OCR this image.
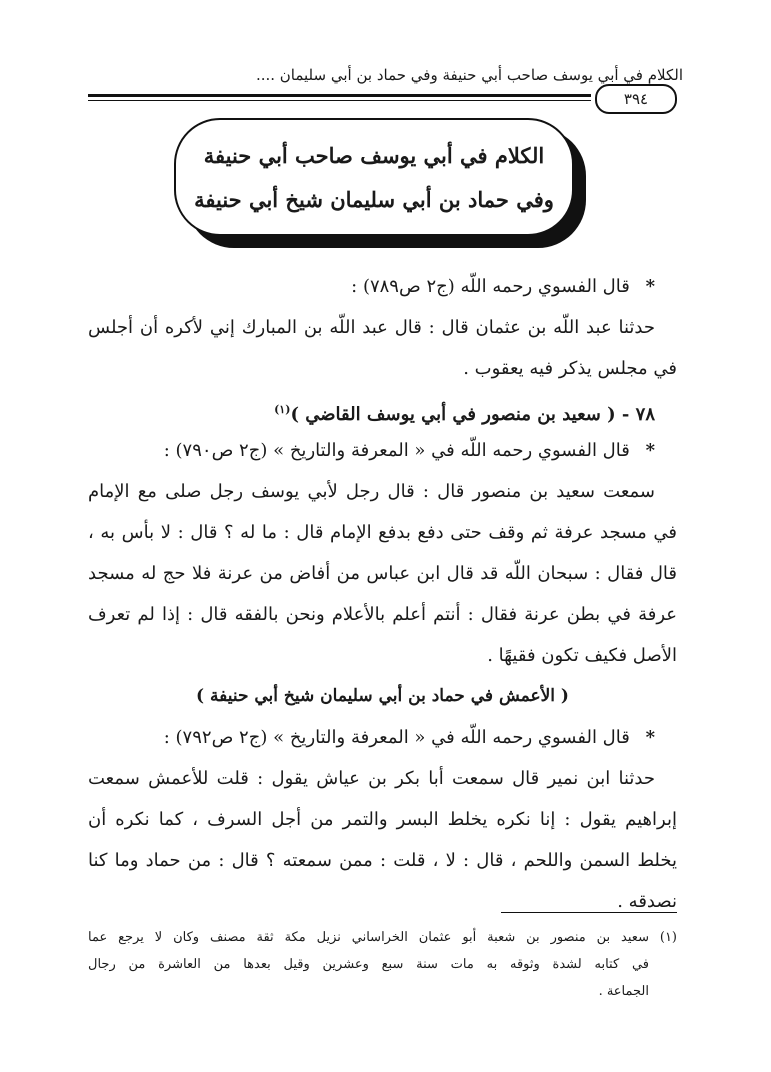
الكلام في أبي يوسف صاحب أبي حنيفة وفي حماد بن أبي سليمان ....
٣٩٤
الكلام في أبي يوسف صاحب أبي حنيفة
وفي حماد بن أبي سليمان شيخ أبي حنيفة
* قال الفسوي رحمه اللّه (ج٢ ص٧٨٩) :
حدثنا عبد اللّه بن عثمان قال : قال عبد اللّه بن المبارك إني لأكره أن أجلس
في مجلس يذكر فيه يعقوب .
٧٨ - ( سعيد بن منصور في أبي يوسف القاضي )$^{(١)}$
* قال الفسوي رحمه اللّه في « المعرفة والتاريخ » (ج٢ ص٧٩٠) :
سمعت سعيد بن منصور قال : قال رجل لأبي يوسف رجل صلى مع الإمام
في مسجد عرفة ثم وقف حتى دفع بدفع الإمام قال : ما له ؟ قال : لا بأس به ،
قال فقال : سبحان اللّه قد قال ابن عباس من أفاض من عرنة فلا حج له مسجد
عرفة في بطن عرنة فقال : أنتم أعلم بالأعلام ونحن بالفقه قال : إذا لم تعرف
الأصل فكيف تكون فقيهًا .
( الأعمش في حماد بن أبي سليمان شيخ أبي حنيفة )
* قال الفسوي رحمه اللّه في « المعرفة والتاريخ » (ج٢ ص٧٩٢) :
حدثنا ابن نمير قال سمعت أبا بكر بن عياش يقول : قلت للأعمش سمعت
إبراهيم يقول : إنا نكره يخلط البسر والتمر من أجل السرف ، كما نكره أن
يخلط السمن واللحم ، قال : لا ، قلت : ممن سمعته ؟ قال : من حماد وما كنا
نصدقه .
(١) سعيد بن منصور بن شعبة أبو عثمان الخراساني نزيل مكة ثقة مصنف وكان لا يرجع عما
في كتابه لشدة وثوقه به مات سنة سبع وعشرين وقيل بعدها من العاشرة من رجال
الجماعة .
